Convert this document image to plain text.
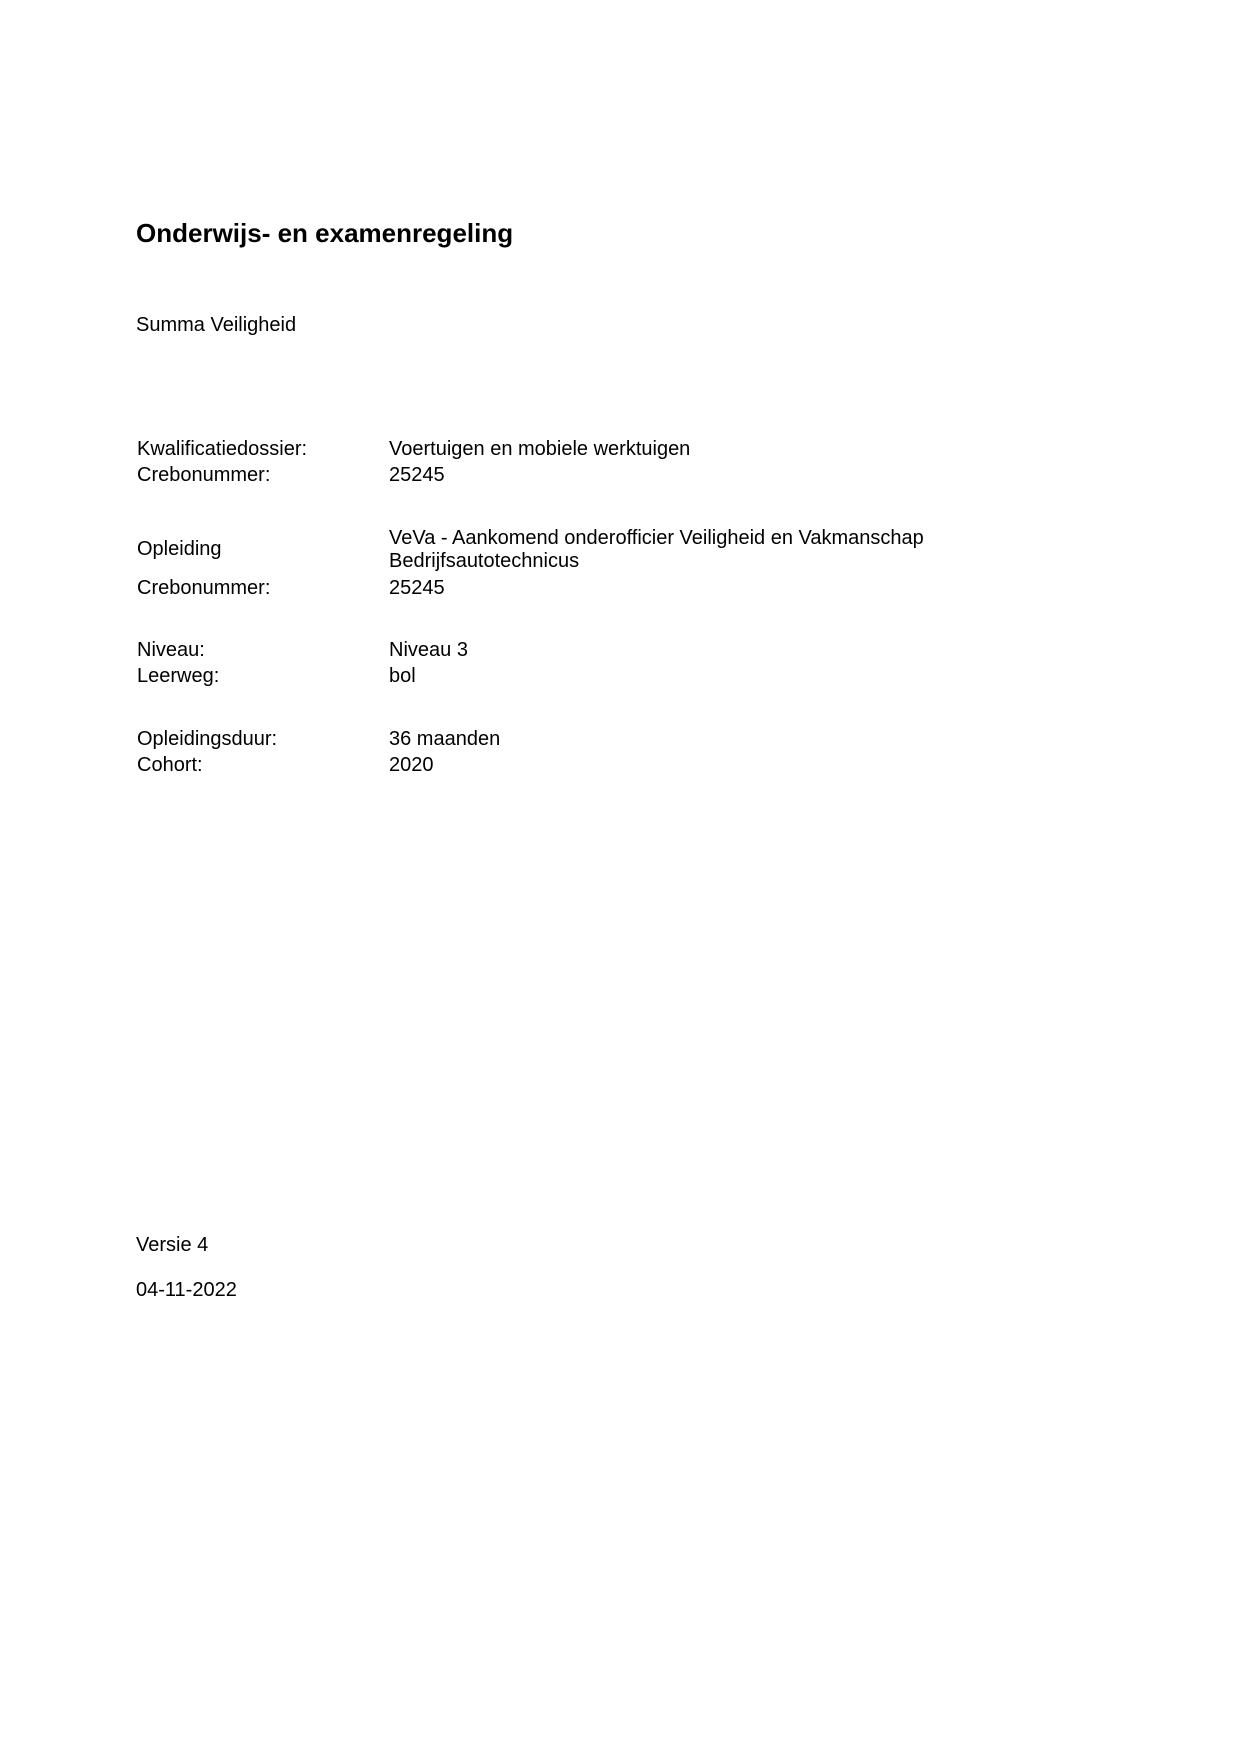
Onderwijs- en examenregeling
Summa Veiligheid
Kwalificatiedossier:	Voertuigen en mobiele werktuigen
Crebonummer:	25245
Opleiding	VeVa - Aankomend onderofficier Veiligheid en Vakmanschap
Bedrijfsautotechnicus
Crebonummer:	25245
Niveau:	Niveau 3
Leerweg:	bol
Opleidingsduur:	36 maanden
Cohort:	2020
Versie 4
04-11-2022
